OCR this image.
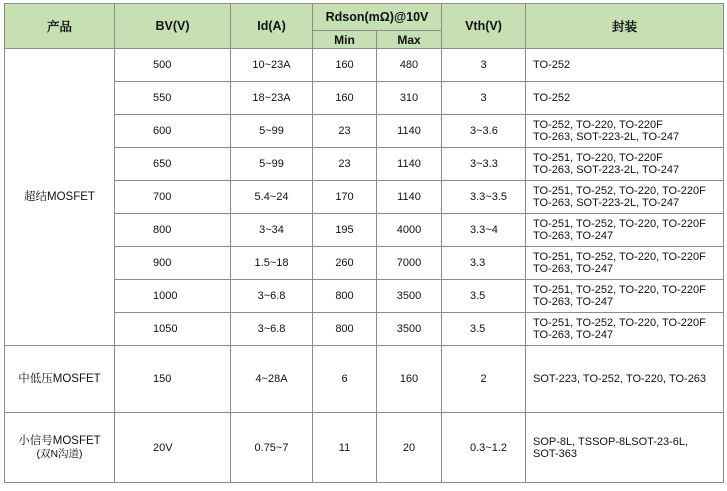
产品	BV(V)	Id(A)	Rdson(mΩ)@10V		Vth(V)	封装
			Min	Max		
超结MOSFET	500	10~23A	160	480	3	TO-252
	550	18~23A	160	310	3	TO-252
	600	5~99	23	1140	3~3.6	TO-252, TO-220, TO-220F
TO-263, SOT-223-2L, TO-247
	650	5~99	23	1140	3~3.3	TO-251, TO-220, TO-220F
TO-263, SOT-223-2L, TO-247
	700	5.4~24	170	1140	3.3~3.5	TO-251, TO-252, TO-220, TO-220F
TO-263, SOT-223-2L, TO-247
	800	3~34	195	4000	3.3~4	TO-251, TO-252, TO-220, TO-220F
TO-263, TO-247
	900	1.5~18	260	7000	3.3	TO-251, TO-252, TO-220, TO-220F
TO-263, TO-247
	1000	3~6.8	800	3500	3.5	TO-251, TO-252, TO-220, TO-220F
TO-263, TO-247
	1050	3~6.8	800	3500	3.5	TO-251, TO-252, TO-220, TO-220F
TO-263, TO-247
中低压MOSFET	150	4~28A	6	160	2	SOT-223, TO-252, TO-220, TO-263
小信号MOSFET
(双N沟道)	20V	0.75~7	11	20	0.3~1.2	SOP-8L, TSSOP-8LSOT-23-6L,
SOT-363
